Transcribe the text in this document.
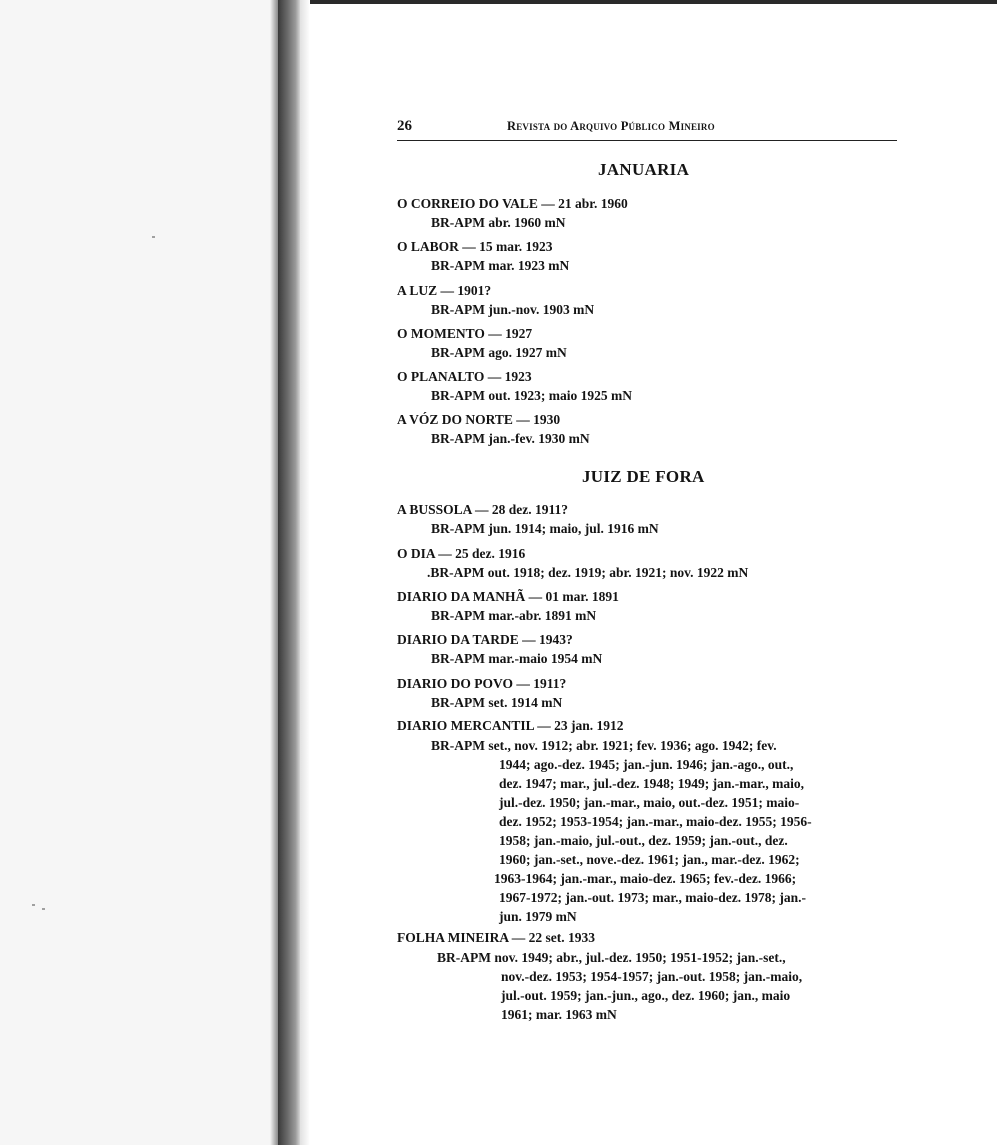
26	Revista do Arquivo Público Mineiro
JANUARIA
O CORREIO DO VALE — 21 abr. 1960
BR-APM abr. 1960 mN
O LABOR — 15 mar. 1923
BR-APM mar. 1923 mN
A LUZ — 1901?
BR-APM jun.-nov. 1903 mN
O MOMENTO — 1927
BR-APM ago. 1927 mN
O PLANALTO — 1923
BR-APM out. 1923; maio 1925 mN
A VÓZ DO NORTE — 1930
BR-APM jan.-fev. 1930 mN
JUIZ DE FORA
A BUSSOLA — 28 dez. 1911?
BR-APM jun. 1914; maio, jul. 1916 mN
O DIA — 25 dez. 1916
.BR-APM out. 1918; dez. 1919; abr. 1921; nov. 1922 mN
DIARIO DA MANHÃ — 01 mar. 1891
BR-APM mar.-abr. 1891 mN
DIARIO DA TARDE — 1943?
BR-APM mar.-maio 1954 mN
DIARIO DO POVO — 1911?
BR-APM set. 1914 mN
DIARIO MERCANTIL — 23 jan. 1912
BR-APM set., nov. 1912; abr. 1921; fev. 1936; ago. 1942; fev.
1944; ago.-dez. 1945; jan.-jun. 1946; jan.-ago., out.,
dez. 1947; mar., jul.-dez. 1948; 1949; jan.-mar., maio,
jul.-dez. 1950; jan.-mar., maio, out.-dez. 1951; maio-
dez. 1952; 1953-1954; jan.-mar., maio-dez. 1955; 1956-
1958; jan.-maio, jul.-out., dez. 1959; jan.-out., dez.
1960; jan.-set., nove.-dez. 1961; jan., mar.-dez. 1962;
1963-1964; jan.-mar., maio-dez. 1965; fev.-dez. 1966;
1967-1972; jan.-out. 1973; mar., maio-dez. 1978; jan.-
jun. 1979 mN
FOLHA MINEIRA — 22 set. 1933
BR-APM nov. 1949; abr., jul.-dez. 1950; 1951-1952; jan.-set.,
nov.-dez. 1953; 1954-1957; jan.-out. 1958; jan.-maio,
jul.-out. 1959; jan.-jun., ago., dez. 1960; jan., maio
1961; mar. 1963 mN
